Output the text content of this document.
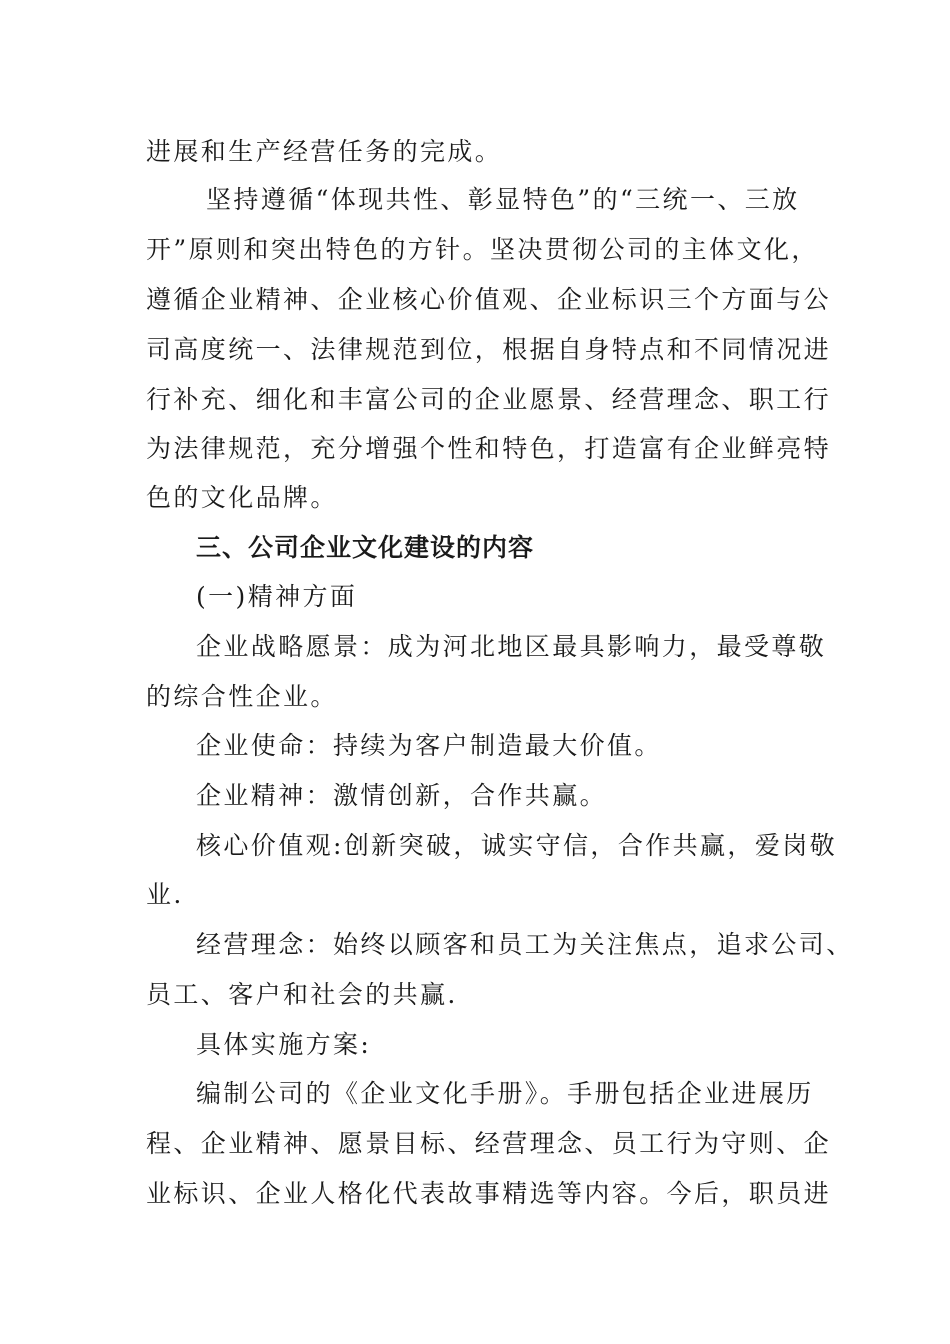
进展和生产经营任务的完成。
坚持遵循“体现共性、彰显特色”的“三统一、三放
开”原则和突出特色的方针。坚决贯彻公司的主体文化，
遵循企业精神、企业核心价值观、企业标识三个方面与公
司高度统一、法律规范到位，根据自身特点和不同情况进
行补充、细化和丰富公司的企业愿景、经营理念、职工行
为法律规范，充分增强个性和特色，打造富有企业鲜亮特
色的文化品牌。
三、公司企业文化建设的内容
(一)精神方面
企业战略愿景：成为河北地区最具影响力，最受尊敬
的综合性企业。
企业使命：持续为客户制造最大价值。
企业精神：激情创新，合作共赢。
核心价值观:创新突破，诚实守信，合作共赢，爱岗敬
业.
经营理念：始终以顾客和员工为关注焦点，追求公司、
员工、客户和社会的共赢.
具体实施方案:
编制公司的《企业文化手册》。手册包括企业进展历
程、企业精神、愿景目标、经营理念、员工行为守则、企
业标识、企业人格化代表故事精选等内容。今后，职员进
